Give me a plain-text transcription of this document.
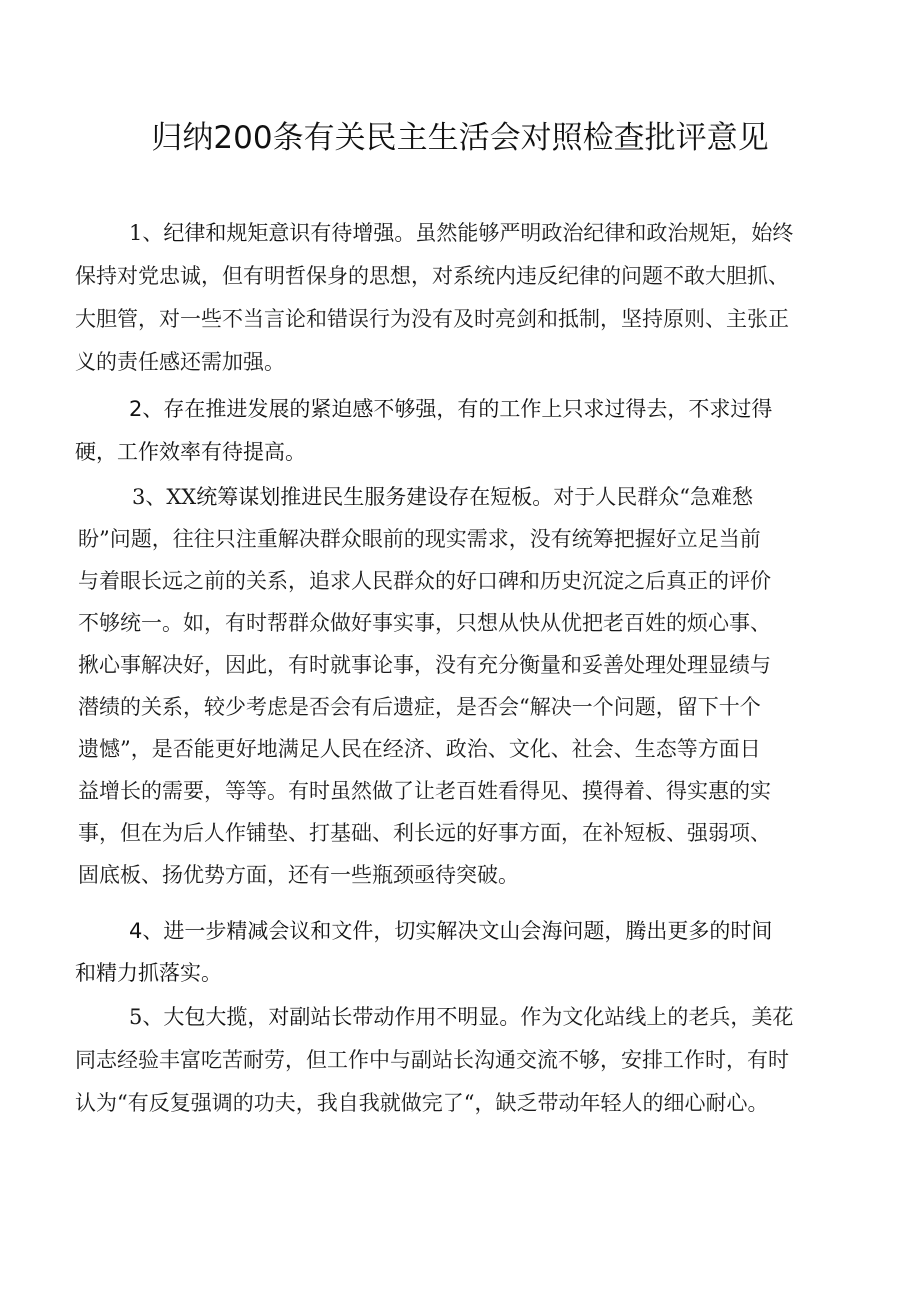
归纳200条有关民主生活会对照检查批评意见
1、纪律和规矩意识有待增强。虽然能够严明政治纪律和政治规矩，始终
保持对党忠诚，但有明哲保身的思想，对系统内违反纪律的问题不敢大胆抓、
大胆管，对一些不当言论和错误行为没有及时亮剑和抵制，坚持原则、主张正
义的责任感还需加强。
2、存在推进发展的紧迫感不够强，有的工作上只求过得去，不求过得
硬，工作效率有待提高。
3、XX统筹谋划推进民生服务建设存在短板。对于人民群众“急难愁
盼”问题，往往只注重解决群众眼前的现实需求，没有统筹把握好立足当前
与着眼长远之前的关系，追求人民群众的好口碑和历史沉淀之后真正的评价
不够统一。如，有时帮群众做好事实事，只想从快从优把老百姓的烦心事、
揪心事解决好，因此，有时就事论事，没有充分衡量和妥善处理处理显绩与
潜绩的关系，较少考虑是否会有后遗症，是否会“解决一个问题，留下十个
遗憾”，是否能更好地满足人民在经济、政治、文化、社会、生态等方面日
益增长的需要，等等。有时虽然做了让老百姓看得见、摸得着、得实惠的实
事，但在为后人作铺垫、打基础、利长远的好事方面，在补短板、强弱项、
固底板、扬优势方面，还有一些瓶颈亟待突破。
4、进一步精减会议和文件，切实解决文山会海问题，腾出更多的时间
和精力抓落实。
5、大包大揽，对副站长带动作用不明显。作为文化站线上的老兵，美花
同志经验丰富吃苦耐劳，但工作中与副站长沟通交流不够，安排工作时，有时
认为“有反复强调的功夫，我自我就做完了“，缺乏带动年轻人的细心耐心。
